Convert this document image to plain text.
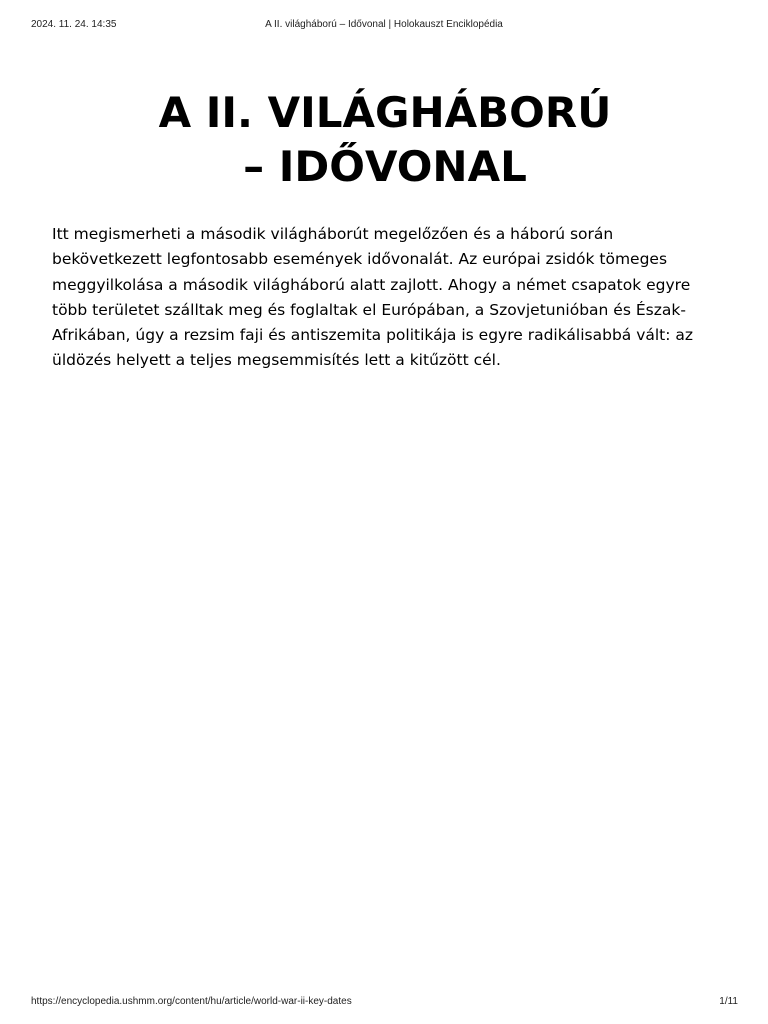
2024. 11. 24. 14:35	A II. világháború – Idővonal | Holokauszt Enciklopédia
A II. VILÁGHÁBORÚ
– IDŐVONAL

Itt megismerheti a második világháborút megelőzően és a háború során bekövetkezett legfontosabb események idővonalát. Az európai zsidók tömeges meggyilkolása a második világháború alatt zajlott. Ahogy a német csapatok egyre több területet szálltak meg és foglaltak el Európában, a Szovjetunióban és Észak-Afrikában, úgy a rezsim faji és antiszemita politikája is egyre radikálisabbá vált: az üldözés helyett a teljes megsemmisítés lett a kitűzött cél.

https://encyclopedia.ushmm.org/content/hu/article/world-war-ii-key-dates	1/11
